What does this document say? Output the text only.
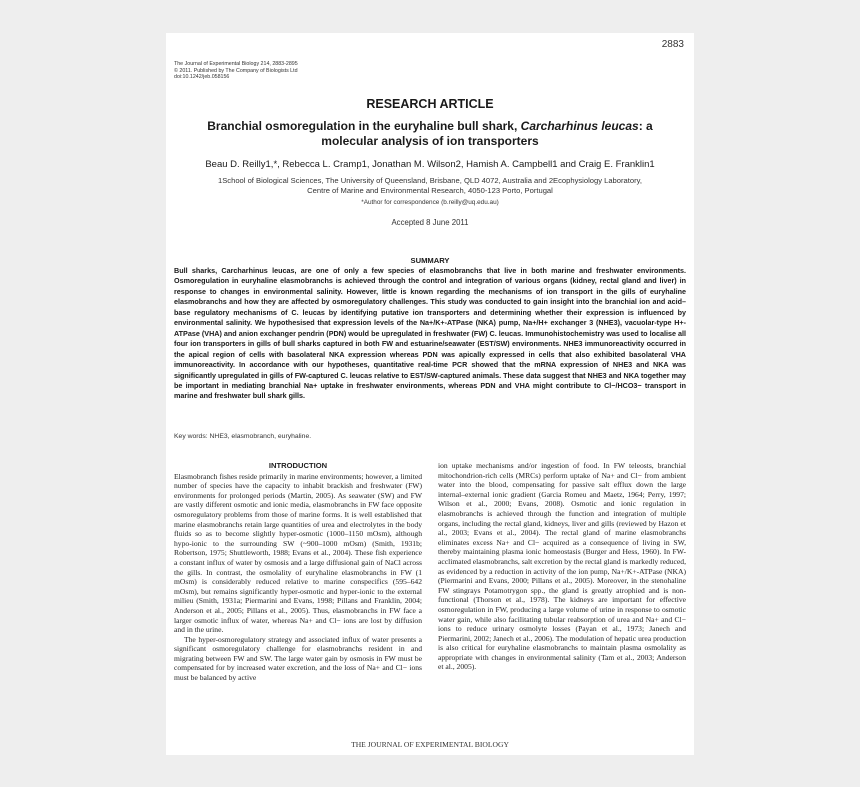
2883
The Journal of Experimental Biology 214, 2883-2895
© 2011. Published by The Company of Biologists Ltd
doi:10.1242/jeb.058156
RESEARCH ARTICLE
Branchial osmoregulation in the euryhaline bull shark, Carcharhinus leucas: a molecular analysis of ion transporters
Beau D. Reilly1,*, Rebecca L. Cramp1, Jonathan M. Wilson2, Hamish A. Campbell1 and Craig E. Franklin1
1School of Biological Sciences, The University of Queensland, Brisbane, QLD 4072, Australia and 2Ecophysiology Laboratory,
Centre of Marine and Environmental Research, 4050-123 Porto, Portugal
*Author for correspondence (b.reilly@uq.edu.au)
Accepted 8 June 2011
SUMMARY
Bull sharks, Carcharhinus leucas, are one of only a few species of elasmobranchs that live in both marine and freshwater environments. Osmoregulation in euryhaline elasmobranchs is achieved through the control and integration of various organs (kidney, rectal gland and liver) in response to changes in environmental salinity. However, little is known regarding the mechanisms of ion transport in the gills of euryhaline elasmobranchs and how they are affected by osmoregulatory challenges. This study was conducted to gain insight into the branchial ion and acid–base regulatory mechanisms of C. leucas by identifying putative ion transporters and determining whether their expression is influenced by environmental salinity. We hypothesised that expression levels of the Na+/K+-ATPase (NKA) pump, Na+/H+ exchanger 3 (NHE3), vacuolar-type H+-ATPase (VHA) and anion exchanger pendrin (PDN) would be upregulated in freshwater (FW) C. leucas. Immunohistochemistry was used to localise all four ion transporters in gills of bull sharks captured in both FW and estuarine/seawater (EST/SW) environments. NHE3 immunoreactivity occurred in the apical region of cells with basolateral NKA expression whereas PDN was apically expressed in cells that also exhibited basolateral VHA immunoreactivity. In accordance with our hypotheses, quantitative real-time PCR showed that the mRNA expression of NHE3 and NKA was significantly upregulated in gills of FW-captured C. leucas relative to EST/SW-captured animals. These data suggest that NHE3 and NKA together may be important in mediating branchial Na+ uptake in freshwater environments, whereas PDN and VHA might contribute to Cl−/HCO3− transport in marine and freshwater bull shark gills.
Key words: NHE3, elasmobranch, euryhaline.
INTRODUCTION

Elasmobranch fishes reside primarily in marine environments; however, a limited number of species have the capacity to inhabit brackish and freshwater (FW) environments for prolonged periods (Martin, 2005). As seawater (SW) and FW are vastly different osmotic and ionic media, elasmobranchs in FW face opposite osmoregulatory problems from those of marine forms. It is well established that marine elasmobranchs retain large quantities of urea and electrolytes in the body fluids so as to become slightly hyper-osmotic (1000–1150 mOsm), although hypo-ionic to the surrounding SW (~900–1000 mOsm) (Smith, 1931b; Robertson, 1975; Shuttleworth, 1988; Evans et al., 2004). These fish experience a constant influx of water by osmosis and a large diffusional gain of NaCl across the gills. In contrast, the osmolality of euryhaline elasmobranchs in FW (1 mOsm) is considerably reduced relative to marine conspecifics (595–642 mOsm), but remains significantly hyper-osmotic and hyper-ionic to the external milieu (Smith, 1931a; Piermarini and Evans, 1998; Pillans and Franklin, 2004; Anderson et al., 2005; Pillans et al., 2005). Thus, elasmobranchs in FW face a larger osmotic influx of water, whereas Na+ and Cl− ions are lost by diffusion and in the urine.

The hyper-osmoregulatory strategy and associated influx of water presents a significant osmoregulatory challenge for elasmobranchs resident in and migrating between FW and SW. The large water gain by osmosis in FW must be compensated for by increased water excretion, and the loss of Na+ and Cl− ions must be balanced by active

ion uptake mechanisms and/or ingestion of food. In FW teleosts, branchial mitochondrion-rich cells (MRCs) perform uptake of Na+ and Cl− from ambient water into the blood, compensating for passive salt efflux down the large internal–external ionic gradient (Garcia Romeu and Maetz, 1964; Perry, 1997; Wilson et al., 2000; Evans, 2008). Osmotic and ionic regulation in elasmobranchs is achieved through the function and integration of multiple organs, including the rectal gland, kidneys, liver and gills (reviewed by Hazon et al., 2003; Evans et al., 2004). The rectal gland of marine elasmobranchs eliminates excess Na+ and Cl− acquired as a consequence of living in SW, thereby maintaining plasma ionic homeostasis (Burger and Hess, 1960). In FW-acclimated elasmobranchs, salt excretion by the rectal gland is markedly reduced, as evidenced by a reduction in activity of the ion pump, Na+/K+-ATPase (NKA) (Piermarini and Evans, 2000; Pillans et al., 2005). Moreover, in the stenohaline FW stingrays Potamotrygon spp., the gland is greatly atrophied and is non-functional (Thorson et al., 1978). The kidneys are important for effective osmoregulation in FW, producing a large volume of urine in response to osmotic water gain, while also facilitating tubular reabsorption of urea and Na+ and Cl− ions to reduce urinary osmolyte losses (Payan et al., 1973; Janech and Piermarini, 2002; Janech et al., 2006). The modulation of hepatic urea production is also critical for euryhaline elasmobranchs to maintain plasma osmolality as appropriate with changes in environmental salinity (Tam et al., 2003; Anderson et al., 2005).

THE JOURNAL OF EXPERIMENTAL BIOLOGY
